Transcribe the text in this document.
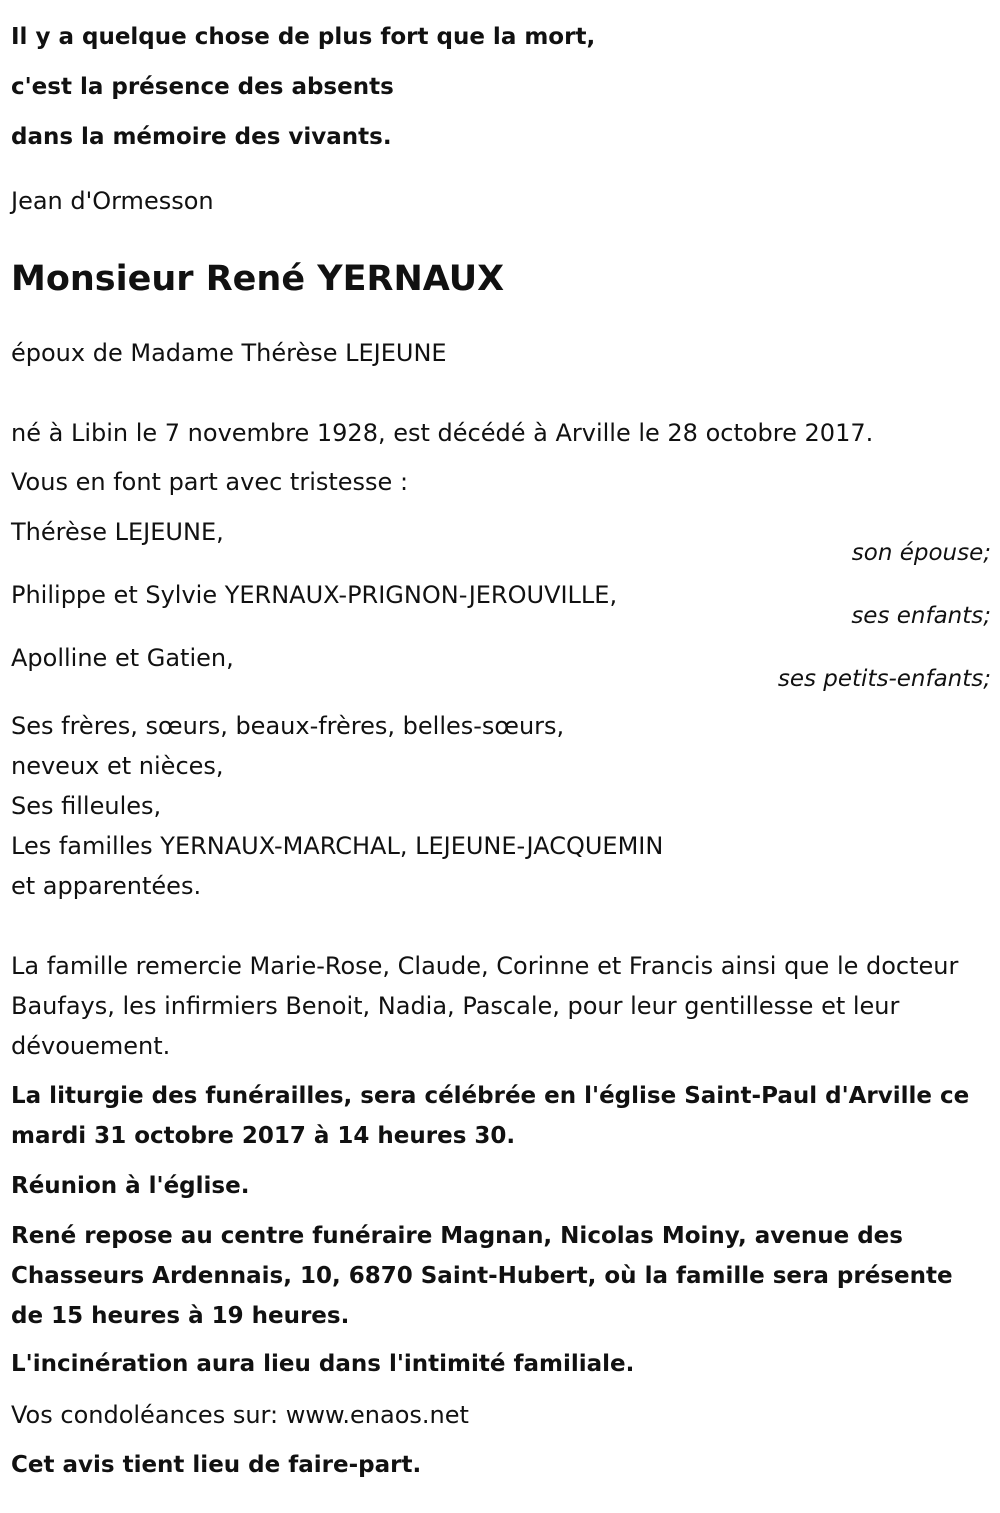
Il y a quelque chose de plus fort que la mort,
c'est la présence des absents
dans la mémoire des vivants.
Jean d'Ormesson
Monsieur René YERNAUX
époux de Madame Thérèse LEJEUNE
né à Libin le 7 novembre 1928, est décédé à Arville le 28 octobre 2017.
Vous en font part avec tristesse :
Thérèse LEJEUNE,
son épouse;
Philippe et Sylvie YERNAUX-PRIGNON-JEROUVILLE,
ses enfants;
Apolline et Gatien,
ses petits-enfants;
Ses frères, sœurs, beaux-frères, belles-sœurs,
neveux et nièces,
Ses filleules,
Les familles YERNAUX-MARCHAL, LEJEUNE-JACQUEMIN
et apparentées.
La famille remercie Marie-Rose, Claude, Corinne et Francis ainsi que le docteur Baufays, les infirmiers Benoit, Nadia, Pascale, pour leur gentillesse et leur dévouement.
La liturgie des funérailles, sera célébrée en l'église Saint-Paul d'Arville ce mardi 31 octobre 2017 à 14 heures 30.
Réunion à l'église.
René repose au centre funéraire Magnan, Nicolas Moiny, avenue des Chasseurs Ardennais, 10, 6870 Saint-Hubert, où la famille sera présente de 15 heures à 19 heures.
L'incinération aura lieu dans l'intimité familiale.
Vos condoléances sur: www.enaos.net
Cet avis tient lieu de faire-part.
